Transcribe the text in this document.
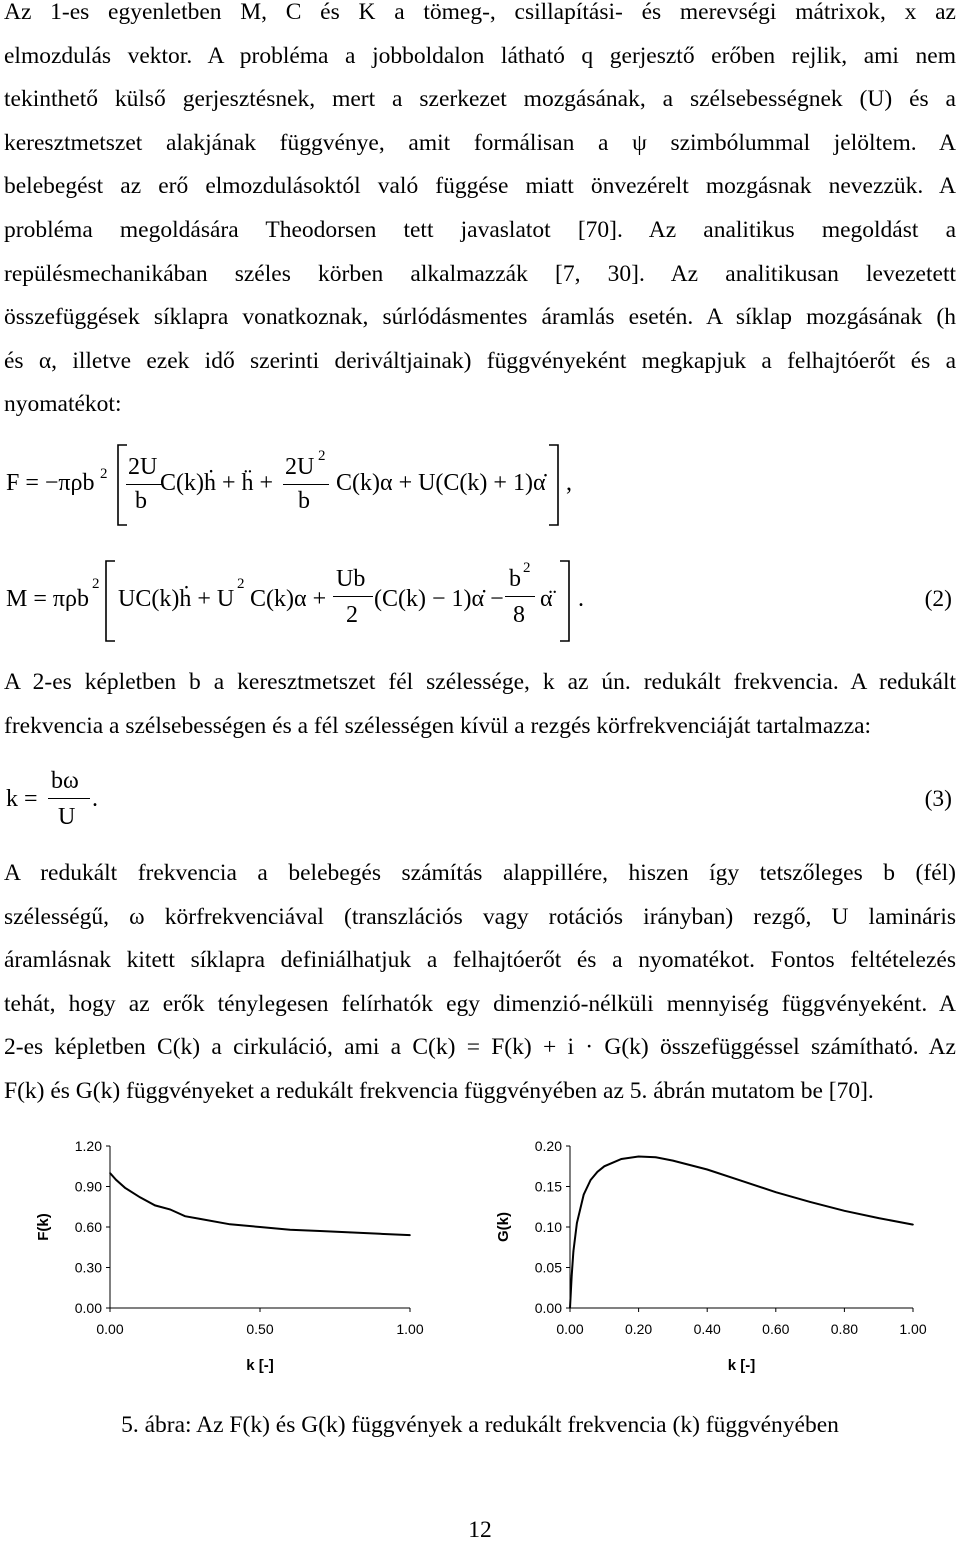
Az 1-es egyenletben M, C és K a tömeg-, csillapítási- és merevségi mátrixok, x az
elmozdulás vektor. A probléma a jobboldalon látható q gerjesztő erőben rejlik, ami nem
tekinthető külső gerjesztésnek, mert a szerkezet mozgásának, a szélsebességnek (U) és a
keresztmetszet alakjának függvénye, amit formálisan a ψ szimbólummal jelöltem. A
belebegést az erő elmozdulásoktól való függése miatt önvezérelt mozgásnak nevezzük. A
probléma megoldására Theodorsen tett javaslatot [70]. Az analitikus megoldást a
repülésmechanikában széles körben alkalmazzák [7, 30]. Az analitikusan levezetett
összefüggések síklapra vonatkoznak, súrlódásmentes áramlás esetén. A síklap mozgásának (h
és α, illetve ezek idő szerinti deriváltjainak) függvényeként megkapjuk a felhajtóerőt és a
nyomatékot:
F = −πρb 2 2U
b
C(k)ḣ + ḧ +
2U 2
b
C(k)α + U(C(k) + 1)α̇ ,
M = πρb
2
UC(k)ḣ + U
2
C(k)α +
Ub
2
(C(k) − 1)α̇ −
b 2
8
α̈ .	(2)
A 2-es képletben b a keresztmetszet fél szélessége, k az ún. redukált frekvencia. A redukált
frekvencia a szélsebességen és a fél szélességen kívül a rezgés körfrekvenciáját tartalmazza:
k =
bω
U
.	(3)
A redukált frekvencia a belebegés számítás alappillére, hiszen így tetszőleges b (fél)
szélességű, ω körfrekvenciával (transzlációs vagy rotációs irányban) rezgő, U lamináris
áramlásnak kitett síklapra definiálhatjuk a felhajtóerőt és a nyomatékot. Fontos feltételezés
tehát, hogy az erők ténylegesen felírhatók egy dimenzió-nélküli mennyiség függvényeként. A
2-es képletben C(k) a cirkuláció, ami a C(k) = F(k) + i · G(k) összefüggéssel számítható. Az
F(k) és G(k) függvényeket a redukált frekvencia függvényében az 5. ábrán mutatom be [70].
0.00
0.30
0.60
0.90
1.20
0.00	0.50	1.00
k [-]
F(k)
0.00
0.05
0.10
0.15
0.20
0.00	0.20	0.40	0.60	0.80	1.00
k [-]
G(k)
5. ábra: Az F(k) és G(k) függvények a redukált frekvencia (k) függvényében
12
